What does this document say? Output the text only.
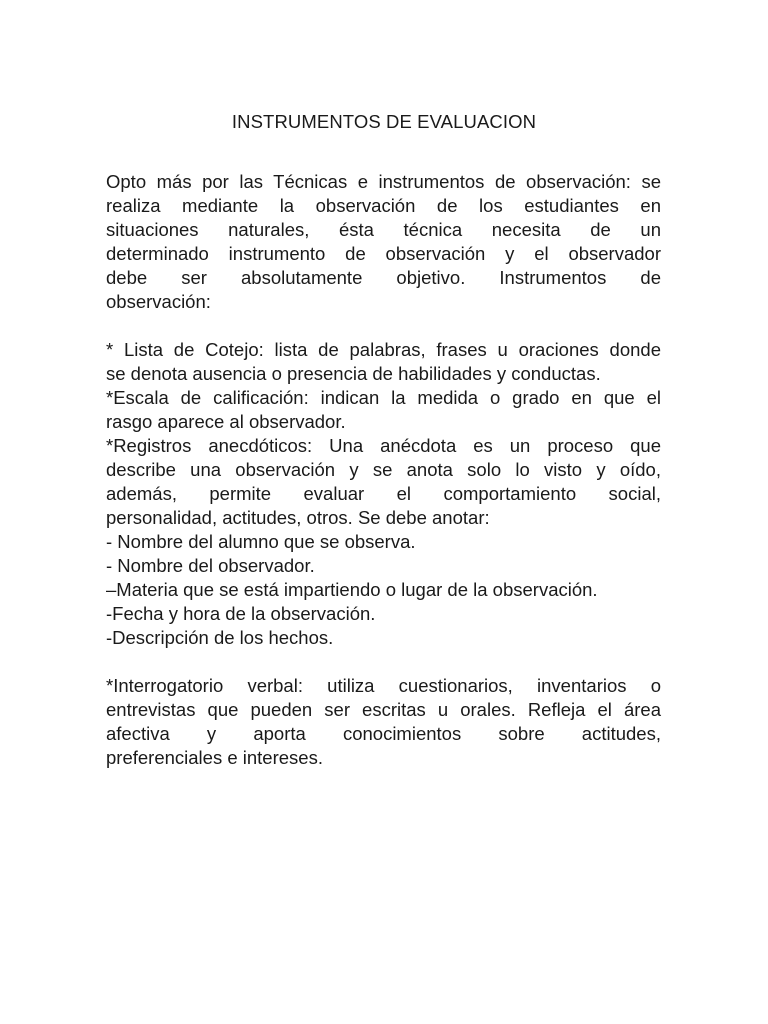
INSTRUMENTOS DE EVALUACION
Opto más por las Técnicas e instrumentos de observación: se
realiza mediante la observación de los estudiantes en
situaciones naturales, ésta técnica necesita de un
determinado instrumento de observación y el observador
debe ser absolutamente objetivo. Instrumentos de
observación:
* Lista de Cotejo: lista de palabras, frases u oraciones donde
se denota ausencia o presencia de habilidades y conductas.
*Escala de calificación: indican la medida o grado en que el
rasgo aparece al observador.
*Registros anecdóticos: Una anécdota es un proceso que
describe una observación y se anota solo lo visto y oído,
además, permite evaluar el comportamiento social,
personalidad, actitudes, otros. Se debe anotar:
- Nombre del alumno que se observa.
- Nombre del observador.
–Materia que se está impartiendo o lugar de la observación.
-Fecha y hora de la observación.
-Descripción de los hechos.
*Interrogatorio verbal: utiliza cuestionarios, inventarios o
entrevistas que pueden ser escritas u orales. Refleja el área
afectiva y aporta conocimientos sobre actitudes,
preferenciales e intereses.
